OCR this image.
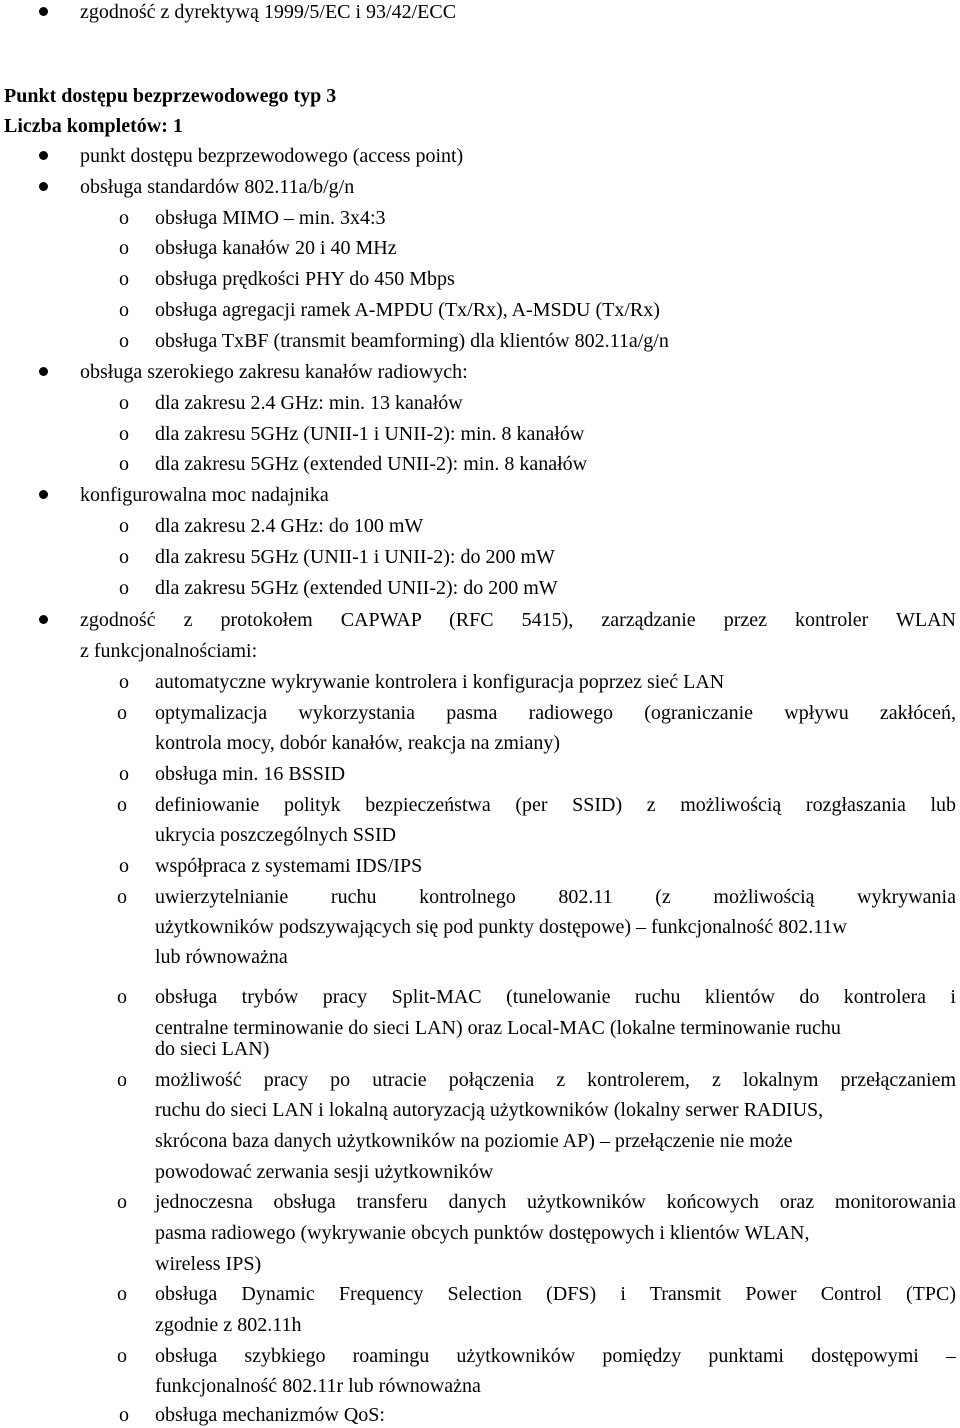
zgodność z dyrektywą 1999/5/EC i 93/42/ECC
Punkt dostępu bezprzewodowego typ 3
Liczba kompletów: 1
punkt dostępu bezprzewodowego (access point)
obsługa standardów 802.11a/b/g/n
o obsługa MIMO – min. 3x4:3
o obsługa kanałów 20 i 40 MHz
o obsługa prędkości PHY do 450 Mbps
o obsługa agregacji ramek A-MPDU (Tx/Rx), A-MSDU (Tx/Rx)
o obsługa TxBF (transmit beamforming) dla klientów 802.11a/g/n
obsługa szerokiego zakresu kanałów radiowych:
o dla zakresu 2.4 GHz: min. 13 kanałów
o dla zakresu 5GHz (UNII-1 i UNII-2): min. 8 kanałów
o dla zakresu 5GHz (extended UNII-2): min. 8 kanałów
konfigurowalna moc nadajnika
o dla zakresu 2.4 GHz: do 100 mW
o dla zakresu 5GHz (UNII-1 i UNII-2): do 200 mW
o dla zakresu 5GHz (extended UNII-2): do 200 mW
zgodność z protokołem CAPWAP (RFC 5415), zarządzanie przez kontroler WLAN
z funkcjonalnościami:
o automatyczne wykrywanie kontrolera i konfiguracja poprzez sieć LAN
o optymalizacja wykorzystania pasma radiowego (ograniczanie wpływu zakłóceń,
kontrola mocy, dobór kanałów, reakcja na zmiany)
o obsługa min. 16 BSSID
o definiowanie polityk bezpieczeństwa (per SSID) z możliwością rozgłaszania lub
ukrycia poszczególnych SSID
o współpraca z systemami IDS/IPS
o uwierzytelnianie ruchu kontrolnego 802.11 (z możliwością wykrywania
użytkowników podszywających się pod punkty dostępowe) – funkcjonalność 802.11w
lub równoważna
o obsługa trybów pracy Split-MAC (tunelowanie ruchu klientów do kontrolera i
centralne terminowanie do sieci LAN) oraz Local-MAC (lokalne terminowanie ruchu
do sieci LAN)
o możliwość pracy po utracie połączenia z kontrolerem, z lokalnym przełączaniem
ruchu do sieci LAN i lokalną autoryzacją użytkowników (lokalny serwer RADIUS,
skrócona baza danych użytkowników na poziomie AP) – przełączenie nie może
powodować zerwania sesji użytkowników
o jednoczesna obsługa transferu danych użytkowników końcowych oraz monitorowania
pasma radiowego (wykrywanie obcych punktów dostępowych i klientów WLAN,
wireless IPS)
o obsługa Dynamic Frequency Selection (DFS) i Transmit Power Control (TPC)
zgodnie z 802.11h
o obsługa szybkiego roamingu użytkowników pomiędzy punktami dostępowymi –
funkcjonalność 802.11r lub równoważna
o obsługa mechanizmów QoS:
